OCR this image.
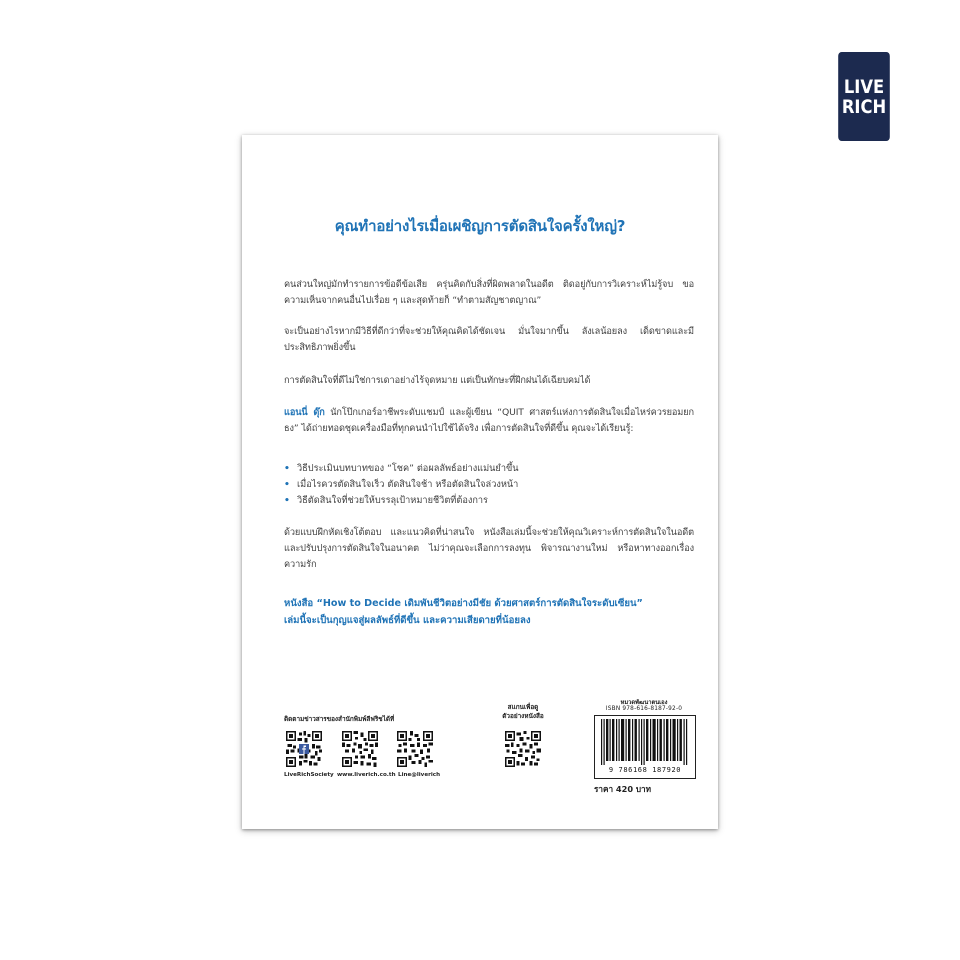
LIVE
RICH
คุณทำอย่างไรเมื่อเผชิญการตัดสินใจครั้งใหญ่?

คนส่วนใหญ่มักทำรายการข้อดีข้อเสีย ครุ่นคิดกับสิ่งที่ผิดพลาดในอดีต ติดอยู่กับการวิเคราะห์ไม่รู้จบ ขอความเห็นจากคนอื่นไปเรื่อย ๆ และสุดท้ายก็ “ทำตามสัญชาตญาณ”

จะเป็นอย่างไรหากมีวิธีที่ดีกว่าที่จะช่วยให้คุณคิดได้ชัดเจน มั่นใจมากขึ้น ลังเลน้อยลง เด็ดขาดและมีประสิทธิภาพยิ่งขึ้น

การตัดสินใจที่ดีไม่ใช่การเดาอย่างไร้จุดหมาย แต่เป็นทักษะที่ฝึกฝนได้เฉียบคมได้

แอนนี่ ดุ๊ก นักโป๊กเกอร์อาชีพระดับแชมป์ และผู้เขียน “QUIT ศาสตร์แห่งการตัดสินใจเมื่อไหร่ควรยอมยกธง” ได้ถ่ายทอดชุดเครื่องมือที่ทุกคนนำไปใช้ได้จริง เพื่อการตัดสินใจที่ดีขึ้น คุณจะได้เรียนรู้:

• วิธีประเมินบทบาทของ “โชค” ต่อผลลัพธ์อย่างแม่นยำขึ้น
• เมื่อไรควรตัดสินใจเร็ว ตัดสินใจช้า หรือตัดสินใจล่วงหน้า
• วิธีตัดสินใจที่ช่วยให้บรรลุเป้าหมายชีวิตที่ต้องการ

ด้วยแบบฝึกหัดเชิงโต้ตอบ และแนวคิดที่น่าสนใจ หนังสือเล่มนี้จะช่วยให้คุณวิเคราะห์การตัดสินใจในอดีต และปรับปรุงการตัดสินใจในอนาคต ไม่ว่าคุณจะเลือกการลงทุน พิจารณางานใหม่ หรือหาทางออกเรื่องความรัก

หนังสือ “How to Decide เดิมพันชีวิตอย่างมีชัย ด้วยศาสตร์การตัดสินใจระดับเซียน”
เล่มนี้จะเป็นกุญแจสู่ผลลัพธ์ที่ดีขึ้น และความเสียดายที่น้อยลง
ติดตามข่าวสารของสำนักพิมพ์ลีฟริชได้ที่
LiveRichSociety www.liverich.co.th Line@liverich
สแกนเพื่อดู
ตัวอย่างหนังสือ
หมวดพัฒนาตนเอง
ISBN 978-616-8187-92-0
9 786168 187920
ราคา 420 บาท
